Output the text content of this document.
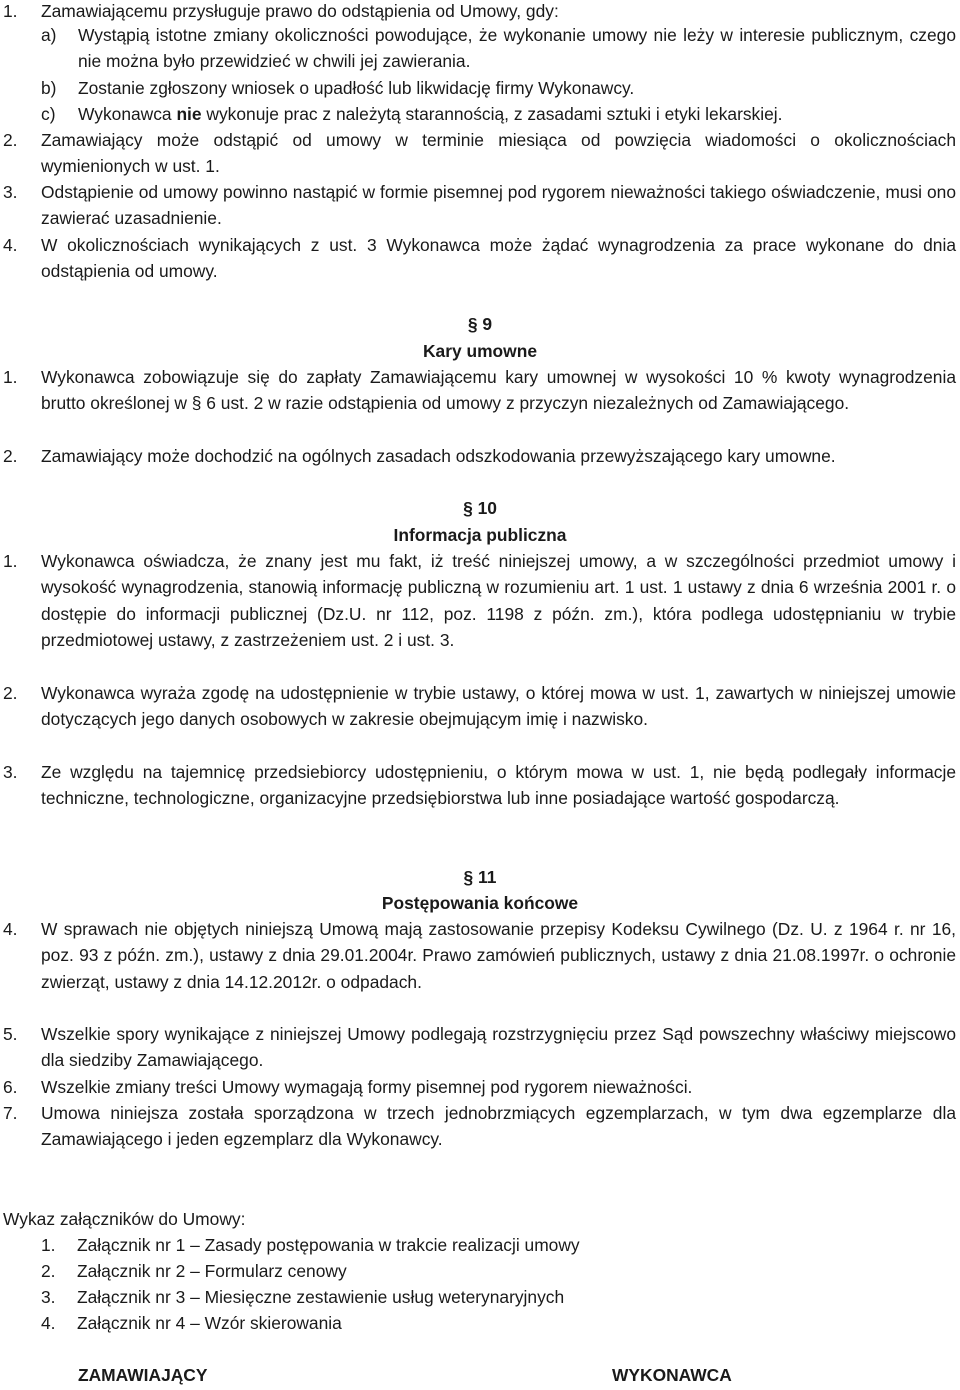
1. Zamawiającemu przysługuje prawo do odstąpienia od Umowy, gdy:
a) Wystąpią istotne zmiany okoliczności powodujące, że wykonanie umowy nie leży w interesie publicznym, czego nie można było przewidzieć w chwili jej zawierania.
b) Zostanie zgłoszony wniosek o upadłość lub likwidację firmy Wykonawcy.
c) Wykonawca nie wykonuje prac z należytą starannością, z zasadami sztuki i etyki lekarskiej.
2. Zamawiający może odstąpić od umowy w terminie miesiąca od powzięcia wiadomości o okolicznościach wymienionych w ust. 1.
3. Odstąpienie od umowy powinno nastąpić w formie pisemnej pod rygorem nieważności takiego oświadczenie, musi ono zawierać uzasadnienie.
4. W okolicznościach wynikających z ust. 3 Wykonawca może żądać wynagrodzenia za prace wykonane do dnia odstąpienia od umowy.
§ 9
Kary umowne
1. Wykonawca zobowiązuje się do zapłaty Zamawiającemu kary umownej w wysokości 10 % kwoty wynagrodzenia brutto określonej w § 6 ust. 2 w razie odstąpienia od umowy z przyczyn niezależnych od Zamawiającego.
2. Zamawiający może dochodzić na ogólnych zasadach odszkodowania przewyższającego kary umowne.
§ 10
Informacja publiczna
1. Wykonawca oświadcza, że znany jest mu fakt, iż treść niniejszej umowy, a w szczególności przedmiot umowy i wysokość wynagrodzenia, stanowią informację publiczną w rozumieniu art. 1 ust. 1 ustawy z dnia 6 września 2001 r. o dostępie do informacji publicznej (Dz.U. nr 112, poz. 1198 z późn. zm.), która podlega udostępnianiu w trybie przedmiotowej ustawy, z zastrzeżeniem ust. 2 i ust. 3.
2. Wykonawca wyraża zgodę na udostępnienie w trybie ustawy, o której mowa w ust. 1, zawartych w niniejszej umowie dotyczących jego danych osobowych w zakresie obejmującym imię i nazwisko.
3. Ze względu na tajemnicę przedsiebiorcy udostępnieniu, o którym mowa w ust. 1, nie będą podlegały informacje techniczne, technologiczne, organizacyjne przedsiębiorstwa lub inne posiadające wartość gospodarczą.
§ 11
Postępowania końcowe
4. W sprawach nie objętych niniejszą Umową mają zastosowanie przepisy Kodeksu Cywilnego (Dz. U. z 1964 r. nr 16, poz. 93 z późn. zm.), ustawy z dnia 29.01.2004r. Prawo zamówień publicznych, ustawy z dnia 21.08.1997r. o ochronie zwierząt, ustawy z dnia 14.12.2012r. o odpadach.
5. Wszelkie spory wynikające z niniejszej Umowy podlegają rozstrzygnięciu przez Sąd powszechny właściwy miejscowo dla siedziby Zamawiającego.
6. Wszelkie zmiany treści Umowy wymagają formy pisemnej pod rygorem nieważności.
7. Umowa niniejsza została sporządzona w trzech jednobrzmiących egzemplarzach, w tym dwa egzemplarze dla Zamawiającego i jeden egzemplarz dla Wykonawcy.
Wykaz załączników do Umowy:
1. Załącznik nr 1 – Zasady postępowania w trakcie realizacji umowy
2. Załącznik nr 2 – Formularz cenowy
3. Załącznik nr 3 – Miesięczne zestawienie usług weterynaryjnych
4. Załącznik nr 4 – Wzór skierowania
ZAMAWIAJĄCY	WYKONAWCA
